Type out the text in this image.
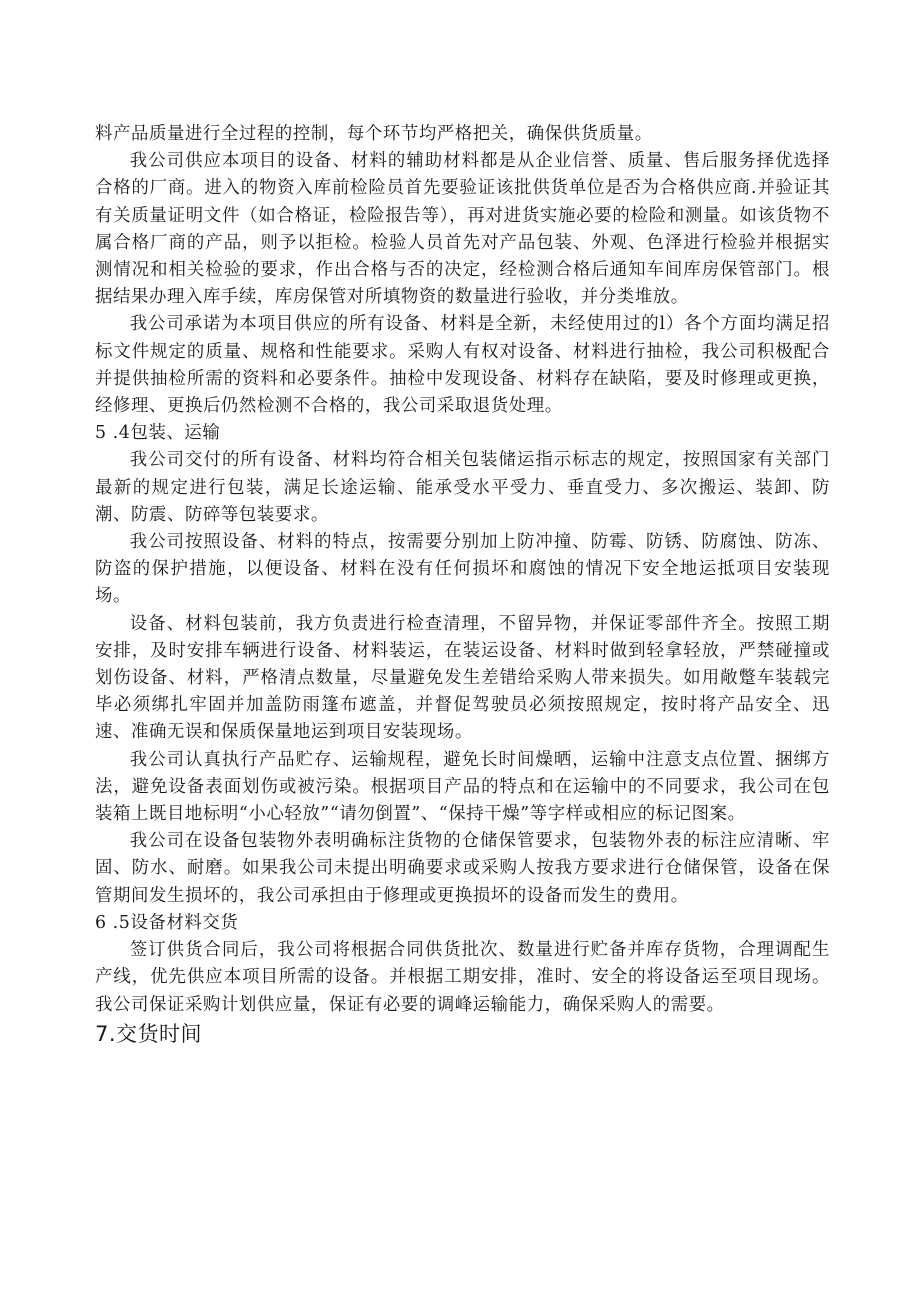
料产品质量进行全过程的控制，每个环节均严格把关，确保供货质量。

我公司供应本项目的设备、材料的辅助材料都是从企业信誉、质量、售后服务择优选择合格的厂商。进入的物资入库前检险员首先要验证该批供货单位是否为合格供应商.并验证其有关质量证明文件（如合格证，检险报告等），再对进货实施必要的检险和测量。如该货物不属合格厂商的产品，则予以拒检。检验人员首先对产品包装、外观、色泽进行检验并根据实测情况和相关检验的要求，作出合格与否的决定，经检测合格后通知车间库房保管部门。根据结果办理入库手续，库房保管对所填物资的数量进行验收，并分类堆放。

我公司承诺为本项目供应的所有设备、材料是全新，未经使用过的l）各个方面均满足招标文件规定的质量、规格和性能要求。采购人有权对设备、材料进行抽检，我公司积极配合并提供抽检所需的资料和必要条件。抽检中发现设备、材料存在缺陷，要及时修理或更换，经修理、更换后仍然检测不合格的，我公司采取退货处理。

5 .4包装、运输

我公司交付的所有设备、材料均符合相关包装储运指示标志的规定，按照国家有关部门最新的规定进行包装，满足长途运输、能承受水平受力、垂直受力、多次搬运、装卸、防潮、防震、防碎等包装要求。

我公司按照设备、材料的特点，按需要分别加上防冲撞、防霉、防锈、防腐蚀、防冻、防盗的保护措施，以便设备、材料在没有任何损坏和腐蚀的情况下安全地运抵项目安装现场。

设备、材料包装前，我方负责进行检查清理，不留异物，并保证零部件齐全。按照工期安排，及时安排车辆进行设备、材料装运，在装运设备、材料时做到轻拿轻放，严禁碰撞或划伤设备、材料，严格清点数量，尽量避免发生差错给采购人带来损失。如用敞蹩车装载完毕必须绑扎牢固并加盖防雨篷布遮盖，并督促驾驶员必须按照规定，按时将产品安全、迅速、准确无误和保质保量地运到项目安装现场。

我公司认真执行产品贮存、运输规程，避免长时间燥晒，运输中注意支点位置、捆绑方法，避免设备表面划伤或被污染。根据项目产品的特点和在运输中的不同要求，我公司在包装箱上既目地标明“小心轻放”“请勿倒置”、“保持干燥”等字样或相应的标记图案。

我公司在设备包装物外表明确标注货物的仓储保管要求，包装物外表的标注应清晰、牢固、防水、耐磨。如果我公司未提出明确要求或采购人按我方要求进行仓储保管，设备在保管期间发生损坏的，我公司承担由于修理或更换损坏的设备而发生的费用。

6 .5设备材料交货

签订供货合同后，我公司将根据合同供货批次、数量进行贮备并库存货物，合理调配生产线，优先供应本项目所需的设备。并根据工期安排，准时、安全的将设备运至项目现场。我公司保证采购计划供应量，保证有必要的调峰运输能力，确保采购人的需要。

7.交货时间
